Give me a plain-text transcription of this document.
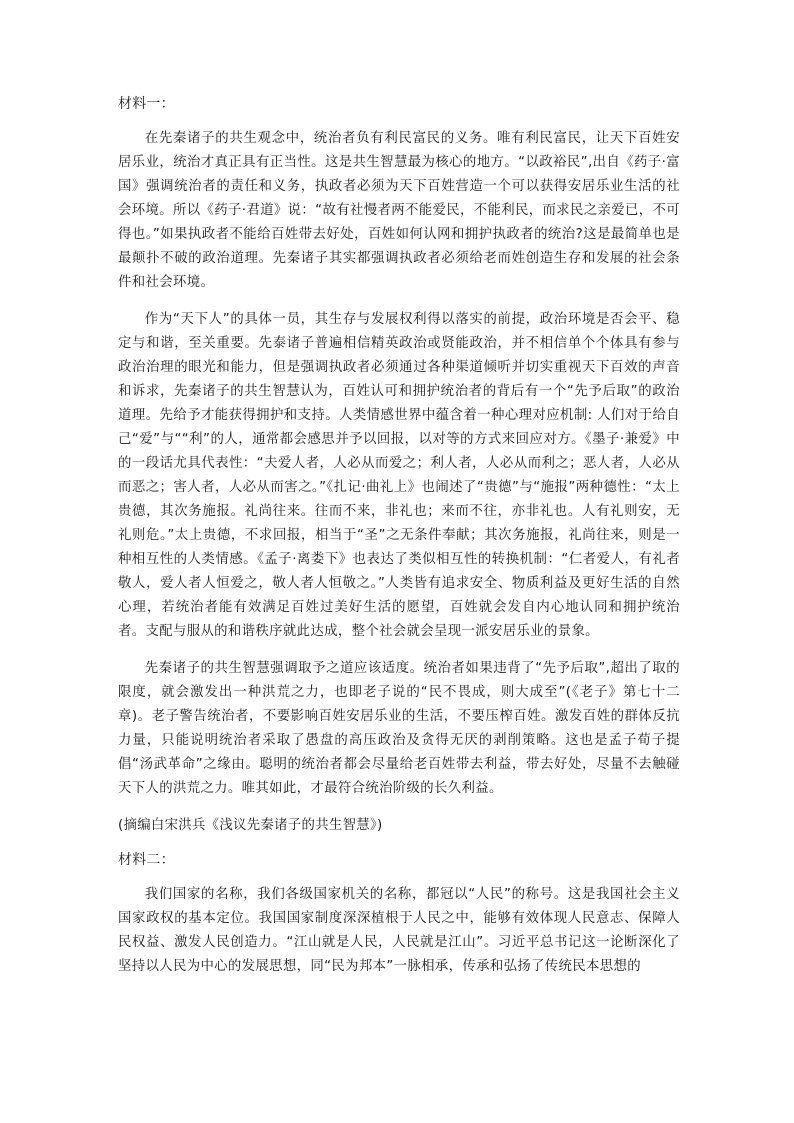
材料一：

在先秦诸子的共生观念中，统治者负有利民富民的义务。唯有利民富民，让天下百姓安居乐业，统治才真正具有正当性。这是共生智慧最为核心的地方。“以政裕民”,出自《药子·富国》强调统治者的责任和义务，执政者必须为天下百姓营造一个可以获得安居乐业生活的社会环境。所以《药子·君道》说：“故有社慢者两不能爱民，不能利民，而求民之亲爱已，不可得也。”如果执政者不能给百姓带去好处，百姓如何认网和拥护执政者的统治?这是最简单也是最颠扑不破的政治道理。先秦诸子其实都强调执政者必须给老而姓创造生存和发展的社会条件和社会环境。

作为“天下人”的具体一员，其生存与发展权利得以落实的前提，政治环境是否会平、稳定与和谐，至关重要。先泰诸子普遍相信精英政治或贤能政治，并不相信单个个体具有参与政治治理的眼光和能力，但是强调执政者必须通过各种渠道倾听并切实重视天下百效的声音和诉求，先秦诸子的共生智慧认为，百姓认可和拥护统治者的背后有一个“先予后取”的政治道理。先给予才能获得拥护和支持。人类情感世界中蕴含着一种心理对应机制: 人们对于给自己“爱”与““利”的人，通常都会感思并予以回报，以对等的方式来回应对方。《墨子·兼爱》中的一段话尤具代表性：“夫爱人者，人必从而爱之；利人者，人必从而利之；恶人者，人必从而恶之；害人者，人必从而害之。”《扎记·曲礼上》也闹述了“贵德”与“施报”两种德性：“太上贵德，其次务施报。礼尚往来。往而不来，非礼也；来而不往，亦非礼也。人有礼则安，无礼则危。”太上贵德，不求回报，相当于“圣”之无条件奉献；其次务施报，礼尚往来，则是一种相互性的人类情感。《孟子·离娄下》也表达了类似相互性的转换机制：“仁者爱人，有礼者敬人，爱人者人恒爱之，敬人者人恒敬之。”人类皆有追求安全、物质利益及更好生活的自然心理，若统治者能有效满足百姓过美好生活的愿望，百姓就会发自内心地认同和拥护统治者。支配与服从的和谐秩序就此达成，整个社会就会呈现一派安居乐业的景象。

先秦诸子的共生智慧强调取予之道应该适度。统治者如果违背了“先予后取”,超出了取的限度，就会激发出一种洪荒之力，也即老子说的“民不畏成，则大成至”(《老子》第七十二章)。老子警告统治者，不要影响百姓安居乐业的生活，不要压榨百姓。激发百姓的群体反抗力量，只能说明统治者采取了愚盘的高压政治及贪得无厌的剥削策略。这也是孟子荀子提倡“汤武革命”之缘由。聪明的统治者都会尽量给老百姓带去利益，带去好处，尽量不去触碰天下人的洪荒之力。唯其如此，才最符合统治阶级的长久利益。

(摘编白宋洪兵《浅议先秦诸子的共生智慧》)
材料二：

我们国家的名称，我们各级国家机关的名称，都冠以“人民”的称号。这是我国社会主义国家政权的基本定位。我国国家制度深深植根于人民之中，能够有效体现人民意志、保障人民权益、激发人民创造力。“江山就是人民，人民就是江山”。习近平总书记这一论断深化了坚持以人民为中心的发展思想，同“民为邦本”一脉相承，传承和弘扬了传统民本思想的
